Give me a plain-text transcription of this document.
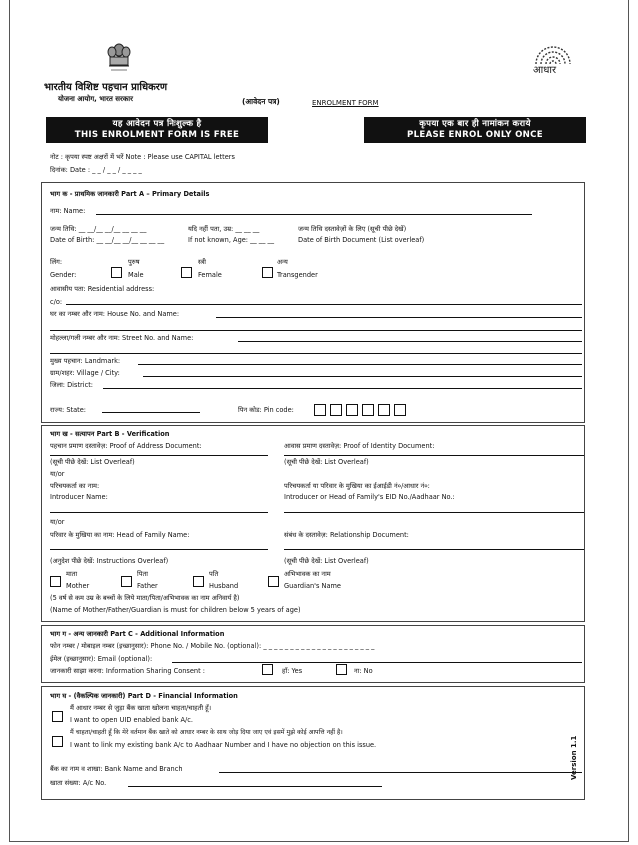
भारतीय विशिष्ट पहचान प्राधिकरण
योजना आयोग, भारत सरकार
आधार
(आवेदन पत्र)	ENROLMENT FORM
यह आवेदन पत्र निःशुल्क है
THIS ENROLMENT FORM IS FREE
कृपया एक बार ही नामांकन कराये
PLEASE ENROL ONLY ONCE
नोट : कृपया स्पष्ट अक्षरों में भरें Note : Please use CAPITAL letters
दिनांक: Date : _ _ / _ _ / _ _ _ _
भाग क - प्राथमिक जानकारी Part A – Primary Details
नाम: Name:
जन्म तिथि: __ __/__ __/__ __ __ __
Date of Birth: __ __/__ __/__ __ __ __
यदि नहीं पता, उम्र: __ __ __
If not known, Age: __ __ __
जन्म तिथि दस्तावेज़ों के लिए (सूची पीछे देखें)
Date of Birth Document (List overleaf)
लिंग:
Gender:
पुरुष
Male
स्त्री
Female
अन्य
Transgender
आवासीय पता: Residential address:
c/o:
घर का नम्बर और नाम: House No. and Name:
मोहल्ला/गली नम्बर और नाम: Street No. and Name:
मुख्य पहचान: Landmark:
ग्राम/शहर: Village / City:
जिला: District:
राज्य: State:	पिन कोड: Pin code:
भाग ख - सत्यापन Part B - Verification
पहचान प्रमाण दस्तावेज़: Proof of Address Document:	आवास प्रमाण दस्तावेज़: Proof of Identity Document:
(सूची पीछे देखें: List Overleaf)	(सूची पीछे देखें: List Overleaf)
या/or
परिचयकर्ता का नाम:
Introducer Name:
परिचयकर्ता या परिवार के मुखिया का ईआईडी नं०/आधार नं०:
Introducer or Head of Family's EID No./Aadhaar No.:
या/or
परिवार के मुखिया का नाम: Head of Family Name:	संबंध के दस्तावेज़: Relationship Document:
(अनुदेश पीछे देखें: Instructions Overleaf)	(सूची पीछे देखें: List Overleaf)
माता
Mother
पिता
Father
पति
Husband
अभिभावक का नाम
Guardian's Name
(5 वर्ष से कम उम्र के बच्चों के लिये माता/पिता/अभिभावक का नाम अनिवार्य है)
(Name of Mother/Father/Guardian is must for children below 5 years of age)
भाग ग - अन्य जानकारी Part C - Additional Information
फोन नम्बर / मोबाइल नम्बर (इच्छानुसार): Phone No. / Mobile No. (optional): _ _ _ _ _ _ _ _ _ _ _ _ _ _ _ _ _ _ _ _ _
ईमेल (इच्छानुसार): Email (optional):
जानकारी साझा करना: Information Sharing Consent :	हाँ: Yes	ना: No
भाग घ - (वैकल्पिक जानकारी) Part D - Financial Information
मैं आधार नम्बर से जुड़ा बैंक खाता खोलना चाहता/चाहती हूँ।
I want to open UID enabled bank A/c.
मैं चाहता/चाहती हूँ कि मेरे वर्तमान बैंक खाते को आधार नम्बर के साथ जोड़ दिया जाए एवं इसमें मुझे कोई आपत्ति नहीं है।
I want to link my existing bank A/c to Aadhaar Number and I have no objection on this issue.
बैंक का नाम व शाखा: Bank Name and Branch
खाता संख्या: A/c No.
Version 1.1
